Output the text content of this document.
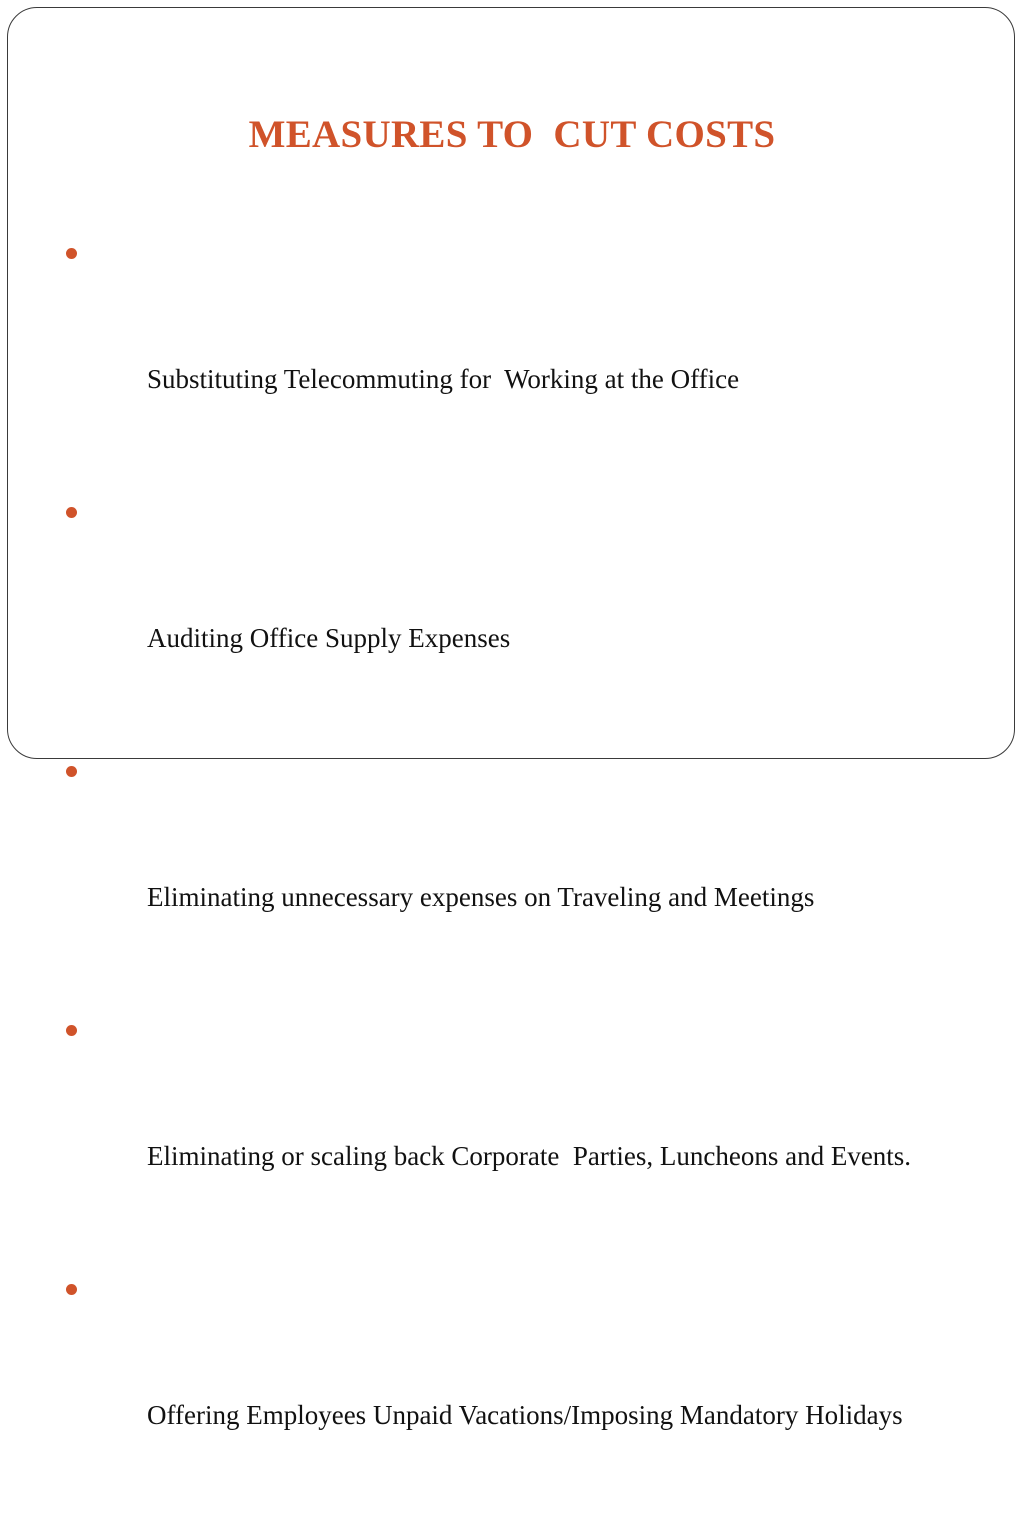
MEASURES TO  CUT COSTS

Substituting Telecommuting for  Working at the Office

Auditing Office Supply Expenses

Eliminating unnecessary expenses on Traveling and Meetings

Eliminating or scaling back Corporate  Parties, Luncheons and Events.

Offering Employees Unpaid Vacations/Imposing Mandatory Holidays
